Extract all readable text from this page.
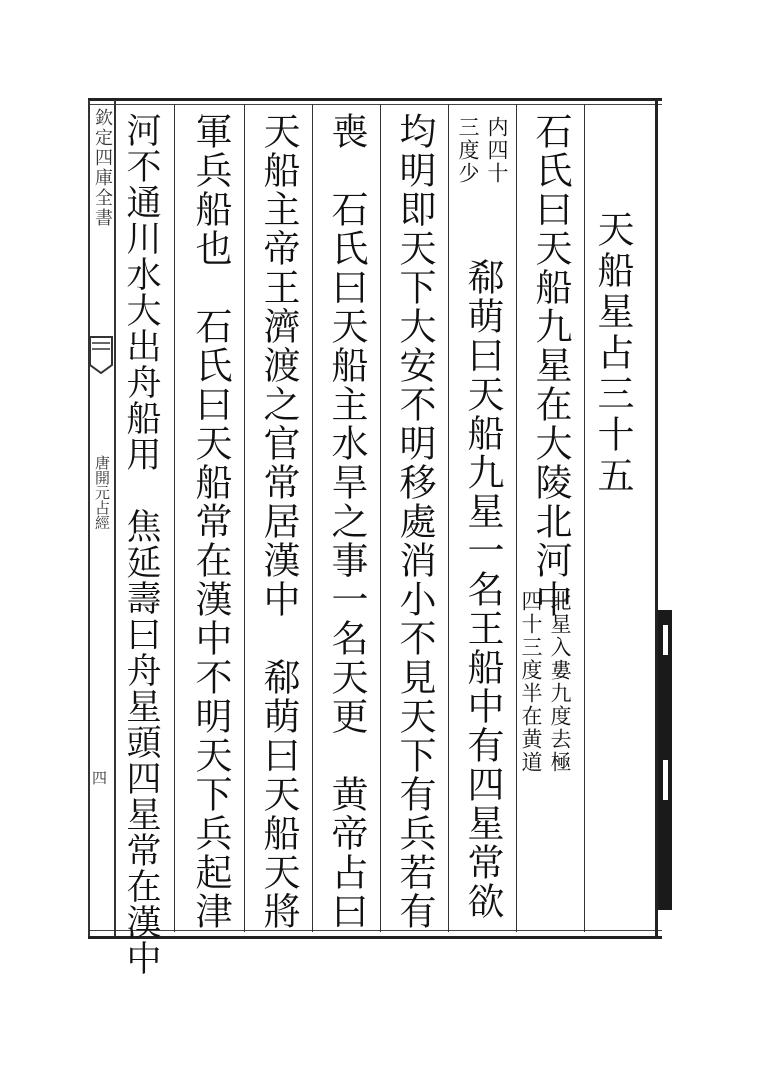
欽定四庫全書
唐開元占經
四
天船星占三十五
石氏曰天船九星在大陵北河中
北星入婁九度去極
四十三度半在黄道
内四十
三度少
郗萌曰天船九星一名王船中有四星常欲
均明即天下大安不明移處消小不見天下有兵若有
喪　石氏曰天船主水旱之事一名天更　黄帝占曰
天船主帝王濟渡之官常居漢中　郗萌曰天船天將
軍兵船也　石氏曰天船常在漢中不明天下兵起津
河不通川水大出舟船用　焦延壽曰舟星頭四星常在漢中
